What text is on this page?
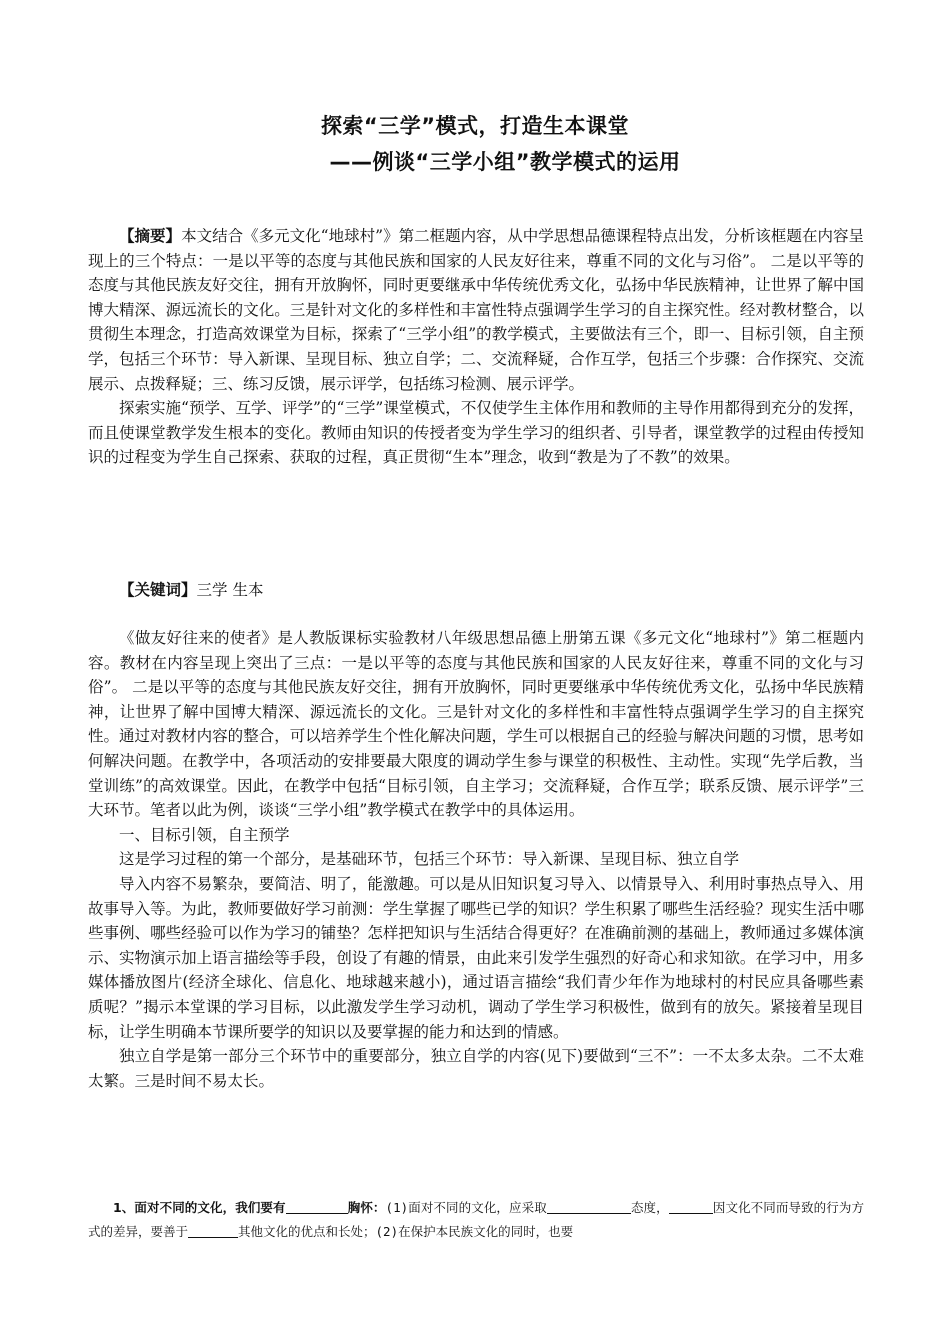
探索“三学”模式，打造生本课堂
——例谈“三学小组”教学模式的运用

【摘要】本文结合《多元文化“地球村”》第二框题内容，从中学思想品德课程特点出发，分析该框题在内容呈现上的三个特点：一是以平等的态度与其他民族和国家的人民友好往来，尊重不同的文化与习俗”。 二是以平等的态度与其他民族友好交往，拥有开放胸怀，同时更要继承中华传统优秀文化，弘扬中华民族精神，让世界了解中国博大精深、源远流长的文化。三是针对文化的多样性和丰富性特点强调学生学习的自主探究性。经对教材整合，以贯彻生本理念，打造高效课堂为目标，探索了“三学小组”的教学模式，主要做法有三个，即一、目标引领，自主预学，包括三个环节：导入新课、呈现目标、独立自学；二、交流释疑，合作互学，包括三个步骤：合作探究、交流展示、点拨释疑；三、练习反馈，展示评学，包括练习检测、展示评学。

探索实施“预学、互学、评学”的“三学”课堂模式，不仅使学生主体作用和教师的主导作用都得到充分的发挥，而且使课堂教学发生根本的变化。教师由知识的传授者变为学生学习的组织者、引导者，课堂教学的过程由传授知识的过程变为学生自己探索、获取的过程，真正贯彻“生本”理念，收到“教是为了不教”的效果。

【关键词】三学 生本

《做友好往来的使者》是人教版课标实验教材八年级思想品德上册第五课《多元文化“地球村”》第二框题内容。教材在内容呈现上突出了三点：一是以平等的态度与其他民族和国家的人民友好往来，尊重不同的文化与习俗”。 二是以平等的态度与其他民族友好交往，拥有开放胸怀，同时更要继承中华传统优秀文化，弘扬中华民族精神，让世界了解中国博大精深、源远流长的文化。三是针对文化的多样性和丰富性特点强调学生学习的自主探究性。通过对教材内容的整合，可以培养学生个性化解决问题，学生可以根据自己的经验与解决问题的习惯，思考如何解决问题。在教学中，各项活动的安排要最大限度的调动学生参与课堂的积极性、主动性。实现“先学后教，当堂训练”的高效课堂。因此，在教学中包括“目标引领，自主学习；交流释疑，合作互学；联系反馈、展示评学”三大环节。笔者以此为例，谈谈“三学小组”教学模式在教学中的具体运用。

一、目标引领，自主预学

这是学习过程的第一个部分，是基础环节，包括三个环节：导入新课、呈现目标、独立自学

导入内容不易繁杂，要简洁、明了，能激趣。可以是从旧知识复习导入、以情景导入、利用时事热点导入、用故事导入等。为此，教师要做好学习前测：学生掌握了哪些已学的知识？学生积累了哪些生活经验？现实生活中哪些事例、哪些经验可以作为学习的铺垫？怎样把知识与生活结合得更好？在准确前测的基础上，教师通过多媒体演示、实物演示加上语言描绘等手段，创设了有趣的情景，由此来引发学生强烈的好奇心和求知欲。在学习中，用多媒体播放图片(经济全球化、信息化、地球越来越小)，通过语言描绘“我们青少年作为地球村的村民应具备哪些素质呢？”揭示本堂课的学习目标，以此激发学生学习动机，调动了学生学习积极性，做到有的放矢。紧接着呈现目标，让学生明确本节课所要学的知识以及要掌握的能力和达到的情感。

独立自学是第一部分三个环节中的重要部分，独立自学的内容(见下)要做到“三不”：一不太多太杂。二不太难太繁。三是时间不易太长。

1、面对不同的文化，我们要有	胸怀：(1)面对不同的文化，应采取	态度，	因文化不同而导致的行为方式的差异，要善于	其他文化的优点和长处；(2)在保护本民族文化的同时，也要
